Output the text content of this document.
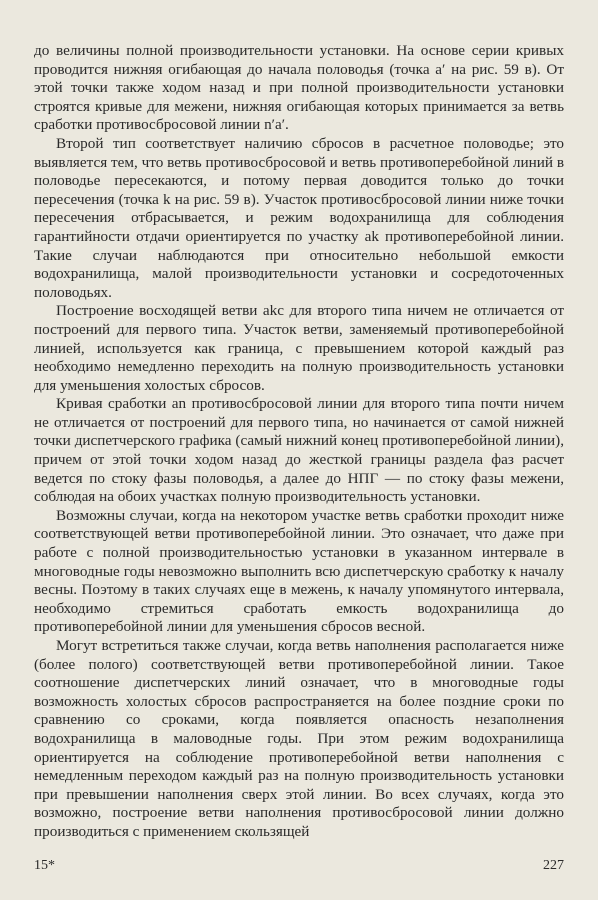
до величины полной производительности установки. На основе серии кривых проводится нижняя огибающая до начала половодья (точка a′ на рис. 59 в). От этой точки также ходом назад и при полной производительности установки строятся кривые для межени, нижняя огибающая которых принимается за ветвь сработки противосбросовой линии n′a′.

Второй тип соответствует наличию сбросов в расчетное половодье; это выявляется тем, что ветвь противосбросовой и ветвь противоперебойной линий в половодье пересекаются, и потому первая доводится только до точки пересечения (точка k на рис. 59 в). Участок противосбросовой линии ниже точки пересечения отбрасывается, и режим водохранилища для соблюдения гарантийности отдачи ориентируется по участку ak противоперебойной линии. Такие случаи наблюдаются при относительно небольшой емкости водохранилища, малой производительности установки и сосредоточенных половодьях.

Построение восходящей ветви akc для второго типа ничем не отличается от построений для первого типа. Участок ветви, заменяемый противоперебойной линией, используется как граница, с превышением которой каждый раз необходимо немедленно переходить на полную производительность установки для уменьшения холостых сбросов.

Кривая сработки an противосбросовой линии для второго типа почти ничем не отличается от построений для первого типа, но начинается от самой нижней точки диспетчерского графика (самый нижний конец противоперебойной линии), причем от этой точки ходом назад до жесткой границы раздела фаз расчет ведется по стоку фазы половодья, а далее до НПГ — по стоку фазы межени, соблюдая на обоих участках полную производительность установки.

Возможны случаи, когда на некотором участке ветвь сработки проходит ниже соответствующей ветви противоперебойной линии. Это означает, что даже при работе с полной производительностью установки в указанном интервале в многоводные годы невозможно выполнить всю диспетчерскую сработку к началу весны. Поэтому в таких случаях еще в межень, к началу упомянутого интервала, необходимо стремиться сработать емкость водохранилища до противоперебойной линии для уменьшения сбросов весной.

Могут встретиться также случаи, когда ветвь наполнения располагается ниже (более полого) соответствующей ветви противоперебойной линии. Такое соотношение диспетчерских линий означает, что в многоводные годы возможность холостых сбросов распространяется на более поздние сроки по сравнению со сроками, когда появляется опасность незаполнения водохранилища в маловодные годы. При этом режим водохранилища ориентируется на соблюдение противоперебойной ветви наполнения с немедленным переходом каждый раз на полную производительность установки при превышении наполнения сверх этой линии. Во всех случаях, когда это возможно, построение ветви наполнения противосбросовой линии должно производиться с применением скользящей

15*	227
